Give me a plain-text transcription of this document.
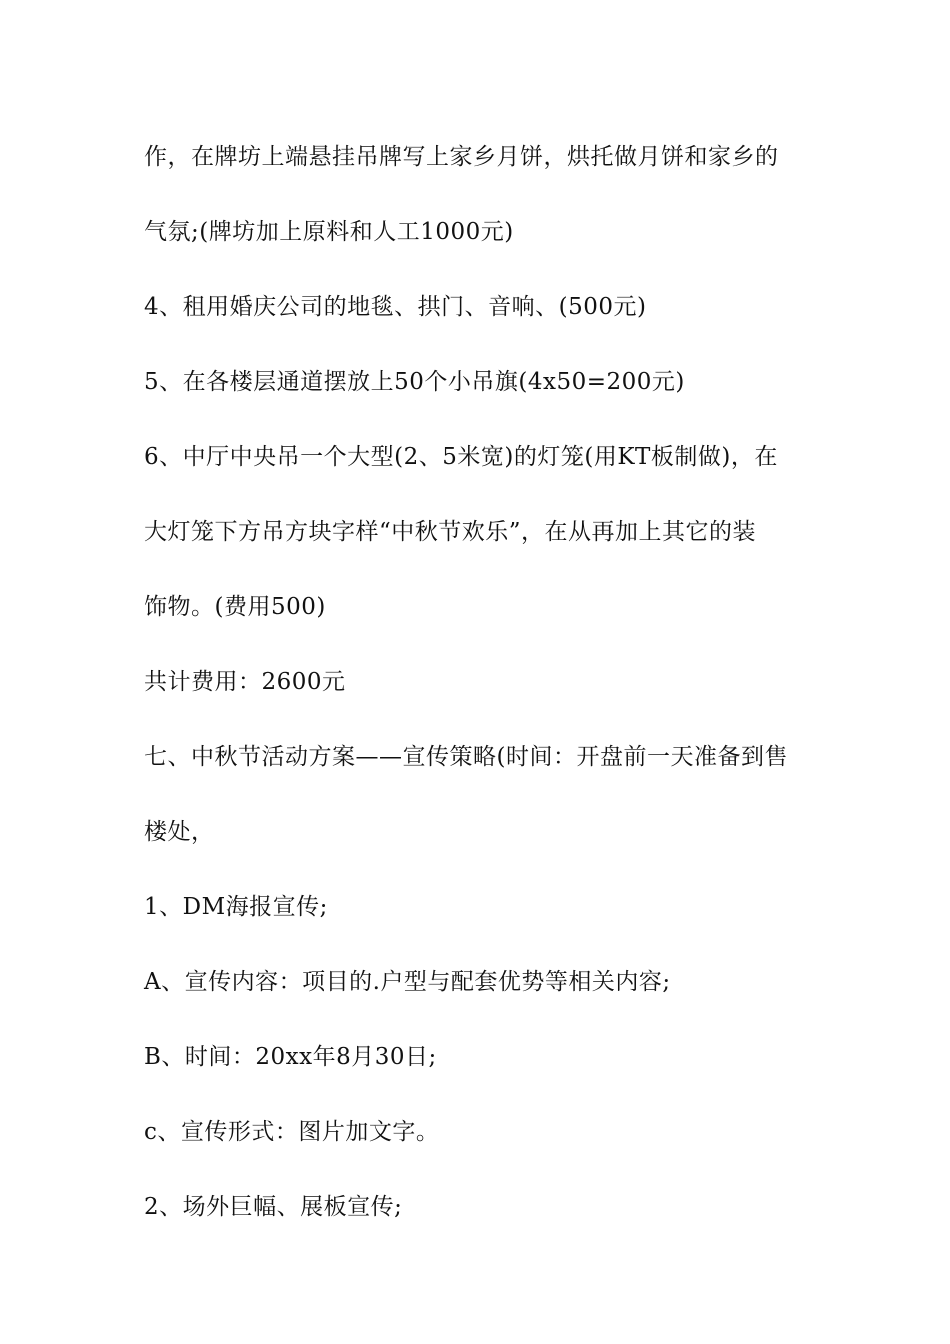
作，在牌坊上端悬挂吊牌写上家乡月饼，烘托做月饼和家乡的

气氛;(牌坊加上原料和人工1000元)

4、租用婚庆公司的地毯、拱门、音响、(500元)

5、在各楼层通道摆放上50个小吊旗(4x50=200元)

6、中厅中央吊一个大型(2、5米宽)的灯笼(用KT板制做)，在

大灯笼下方吊方块字样“中秋节欢乐”，在从再加上其它的装

饰物。(费用500)

共计费用：2600元

七、中秋节活动方案——宣传策略(时间：开盘前一天准备到售

楼处，

1、DM海报宣传;

A、宣传内容：项目的.户型与配套优势等相关内容;

B、时间：20xx年8月30日;

c、宣传形式：图片加文字。

2、场外巨幅、展板宣传;
